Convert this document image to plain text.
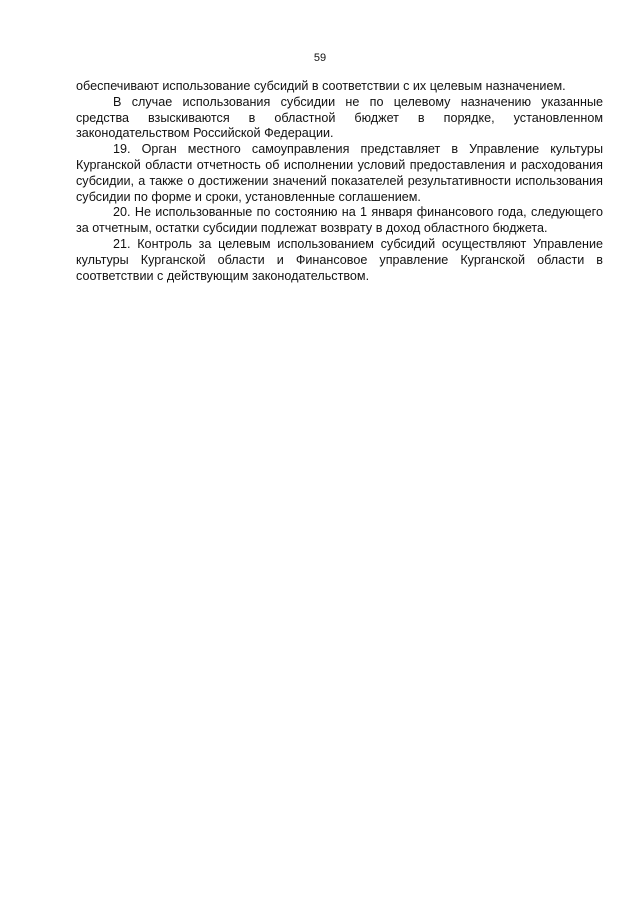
59

обеспечивают использование субсидий в соответствии с их целевым назначением.

В случае использования субсидии не по целевому назначению указанные средства взыскиваются в областной бюджет в порядке, установленном законодательством Российской Федерации.

19. Орган местного самоуправления представляет в Управление культуры Курганской области отчетность об исполнении условий предоставления и расходования субсидии, а также о достижении значений показателей результативности использования субсидии по форме и сроки, установленные соглашением.

20. Не использованные по состоянию на 1 января финансового года, следующего за отчетным, остатки субсидии подлежат возврату в доход областного бюджета.

21. Контроль за целевым использованием субсидий осуществляют Управление культуры Курганской области и Финансовое управление Курганской области в соответствии с действующим законодательством.
